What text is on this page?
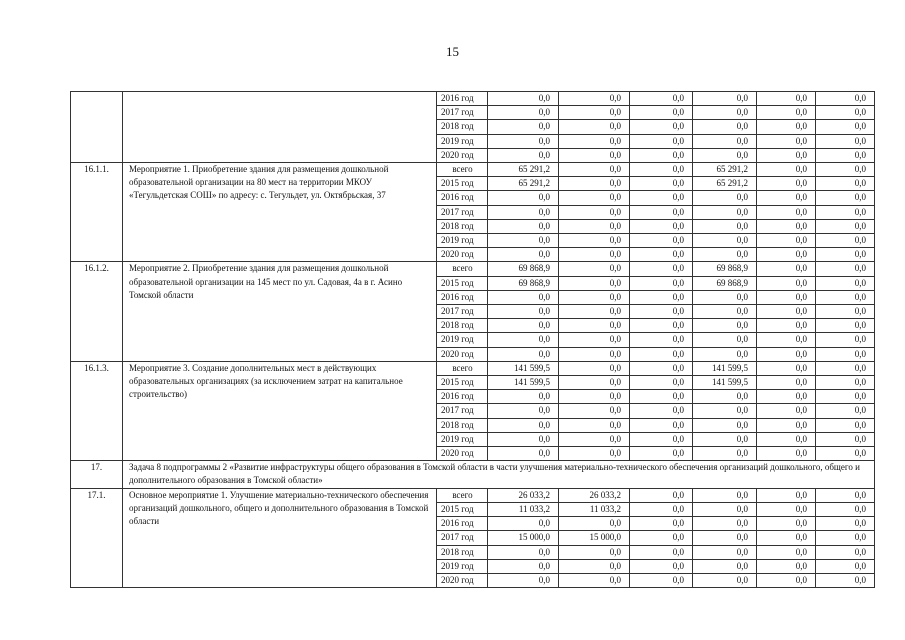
15
		2016 год	0,0	0,0	0,0	0,0	0,0	0,0
		2017 год	0,0	0,0	0,0	0,0	0,0	0,0
		2018 год	0,0	0,0	0,0	0,0	0,0	0,0
		2019 год	0,0	0,0	0,0	0,0	0,0	0,0
		2020 год	0,0	0,0	0,0	0,0	0,0	0,0
16.1.1.	Мероприятие 1. Приобретение здания для размещения дошкольной образовательной организации на 80 мест на территории МКОУ «Тегульдетская СОШ» по адресу: с. Тегульдет, ул. Октябрьская, 37	всего	65 291,2	0,0	0,0	65 291,2	0,0	0,0
		2015 год	65 291,2	0,0	0,0	65 291,2	0,0	0,0
		2016 год	0,0	0,0	0,0	0,0	0,0	0,0
		2017 год	0,0	0,0	0,0	0,0	0,0	0,0
		2018 год	0,0	0,0	0,0	0,0	0,0	0,0
		2019 год	0,0	0,0	0,0	0,0	0,0	0,0
		2020 год	0,0	0,0	0,0	0,0	0,0	0,0
16.1.2.	Мероприятие 2. Приобретение здания для размещения дошкольной образовательной организации на 145 мест по ул. Садовая, 4а в г. Асино Томской области	всего	69 868,9	0,0	0,0	69 868,9	0,0	0,0
		2015 год	69 868,9	0,0	0,0	69 868,9	0,0	0,0
		2016 год	0,0	0,0	0,0	0,0	0,0	0,0
		2017 год	0,0	0,0	0,0	0,0	0,0	0,0
		2018 год	0,0	0,0	0,0	0,0	0,0	0,0
		2019 год	0,0	0,0	0,0	0,0	0,0	0,0
		2020 год	0,0	0,0	0,0	0,0	0,0	0,0
16.1.3.	Мероприятие 3. Создание дополнительных мест в действующих образовательных организациях (за исключением затрат на капитальное строительство)	всего	141 599,5	0,0	0,0	141 599,5	0,0	0,0
		2015 год	141 599,5	0,0	0,0	141 599,5	0,0	0,0
		2016 год	0,0	0,0	0,0	0,0	0,0	0,0
		2017 год	0,0	0,0	0,0	0,0	0,0	0,0
		2018 год	0,0	0,0	0,0	0,0	0,0	0,0
		2019 год	0,0	0,0	0,0	0,0	0,0	0,0
		2020 год	0,0	0,0	0,0	0,0	0,0	0,0
17.	Задача 8 подпрограммы 2 «Развитие инфраструктуры общего образования в Томской области в части улучшения материально-технического обеспечения организаций дошкольного, общего и дополнительного образования в Томской области»							
17.1.	Основное мероприятие 1. Улучшение материально-технического обеспечения организаций дошкольного, общего и дополнительного образования в Томской области	всего	26 033,2	26 033,2	0,0	0,0	0,0	0,0
		2015 год	11 033,2	11 033,2	0,0	0,0	0,0	0,0
		2016 год	0,0	0,0	0,0	0,0	0,0	0,0
		2017 год	15 000,0	15 000,0	0,0	0,0	0,0	0,0
		2018 год	0,0	0,0	0,0	0,0	0,0	0,0
		2019 год	0,0	0,0	0,0	0,0	0,0	0,0
		2020 год	0,0	0,0	0,0	0,0	0,0	0,0
